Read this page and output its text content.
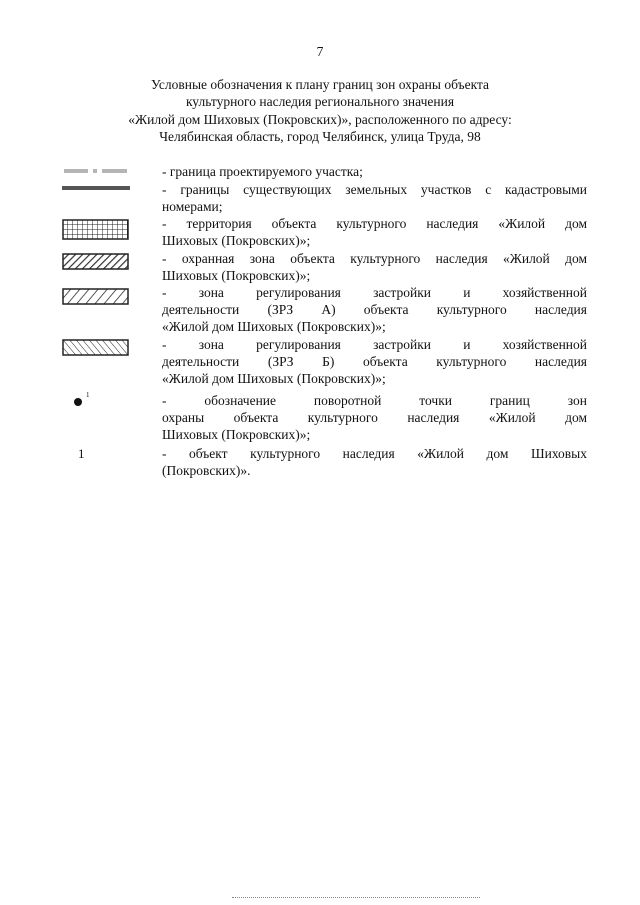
7
Условные обозначения к плану границ зон охраны объекта
культурного наследия регионального значения
«Жилой дом Шиховых (Покровских)», расположенного по адресу:
Челябинская область, город Челябинск, улица Труда, 98
- граница проектируемого участка;
- границы существующих земельных участков с кадастровыми
номерами;
- территория объекта культурного наследия «Жилой дом
Шиховых (Покровских)»;
- охранная зона объекта культурного наследия «Жилой дом
Шиховых (Покровских)»;
- зона регулирования застройки и хозяйственной
деятельности (ЗРЗ А) объекта культурного наследия
«Жилой дом Шиховых (Покровских)»;
- зона регулирования застройки и хозяйственной
деятельности (ЗРЗ Б) объекта культурного наследия
«Жилой дом Шиховых (Покровских)»;
1	- обозначение поворотной точки границ зон
охраны объекта культурного наследия «Жилой дом
Шиховых (Покровских)»;
1	- объект культурного наследия «Жилой дом Шиховых
(Покровских)».
